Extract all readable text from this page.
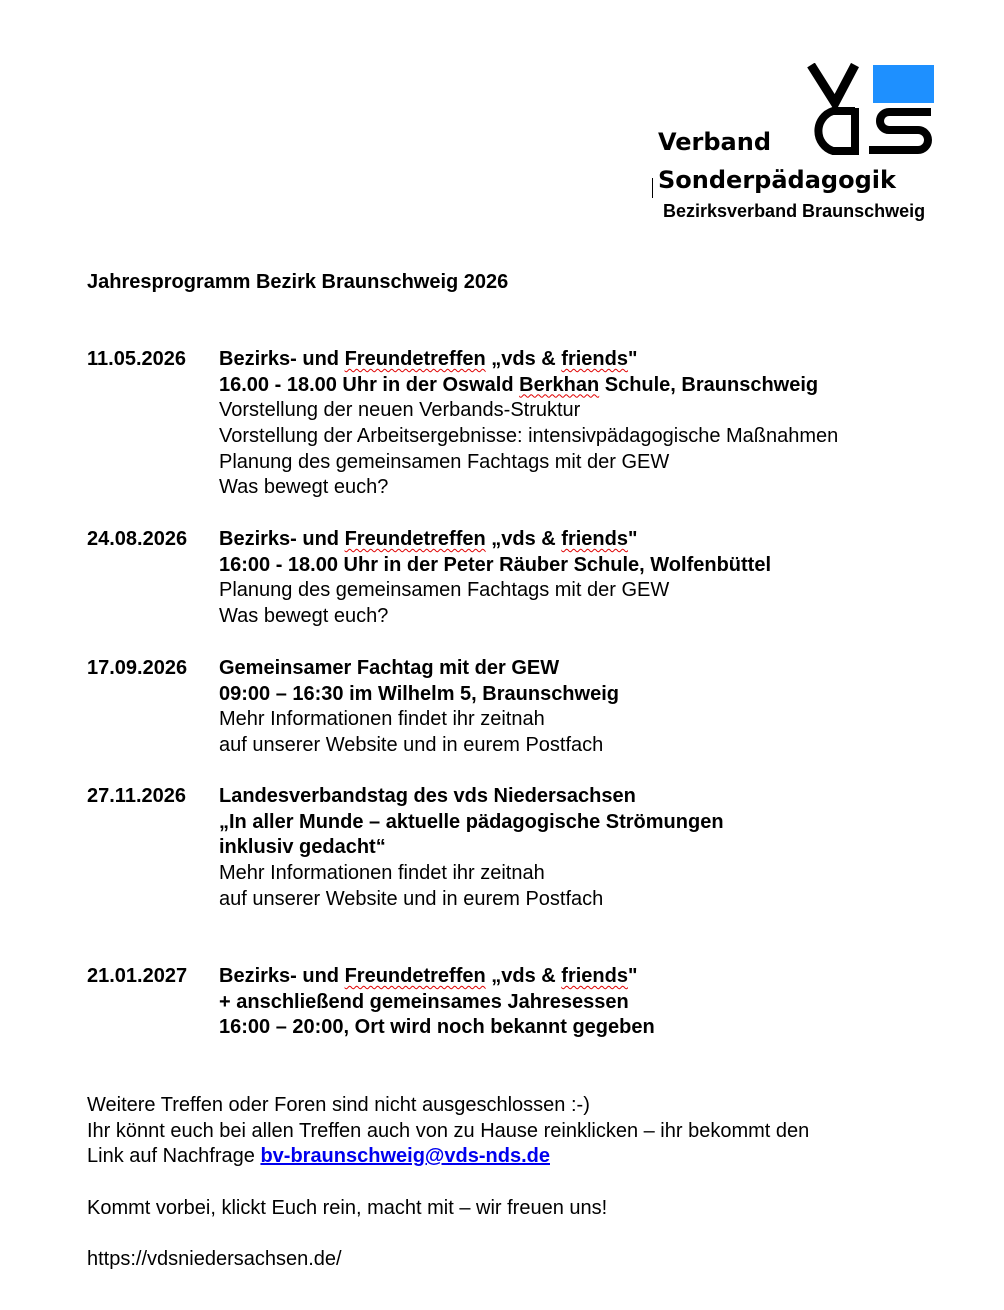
Verband
Sonderpädagogik
Bezirksverband Braunschweig
Jahresprogramm Bezirk Braunschweig 2026
11.05.2026 Bezirks- und Freundetreffen „vds & friends"
16.00 - 18.00 Uhr in der Oswald Berkhan Schule, Braunschweig
Vorstellung der neuen Verbands-Struktur
Vorstellung der Arbeitsergebnisse: intensivpädagogische Maßnahmen
Planung des gemeinsamen Fachtags mit der GEW
Was bewegt euch?
24.08.2026 Bezirks- und Freundetreffen „vds & friends"
16:00 - 18.00 Uhr in der Peter Räuber Schule, Wolfenbüttel
Planung des gemeinsamen Fachtags mit der GEW
Was bewegt euch?
17.09.2026 Gemeinsamer Fachtag mit der GEW
09:00 – 16:30 im Wilhelm 5, Braunschweig
Mehr Informationen findet ihr zeitnah
auf unserer Website und in eurem Postfach
27.11.2026 Landesverbandstag des vds Niedersachsen
„In aller Munde – aktuelle pädagogische Strömungen
inklusiv gedacht“
Mehr Informationen findet ihr zeitnah
auf unserer Website und in eurem Postfach
21.01.2027 Bezirks- und Freundetreffen „vds & friends"
+ anschließend gemeinsames Jahresessen
16:00 – 20:00, Ort wird noch bekannt gegeben
Weitere Treffen oder Foren sind nicht ausgeschlossen :-)
Ihr könnt euch bei allen Treffen auch von zu Hause reinklicken – ihr bekommt den
Link auf Nachfrage bv-braunschweig@vds-nds.de
Kommt vorbei, klickt Euch rein, macht mit – wir freuen uns!
https://vdsniedersachsen.de/
